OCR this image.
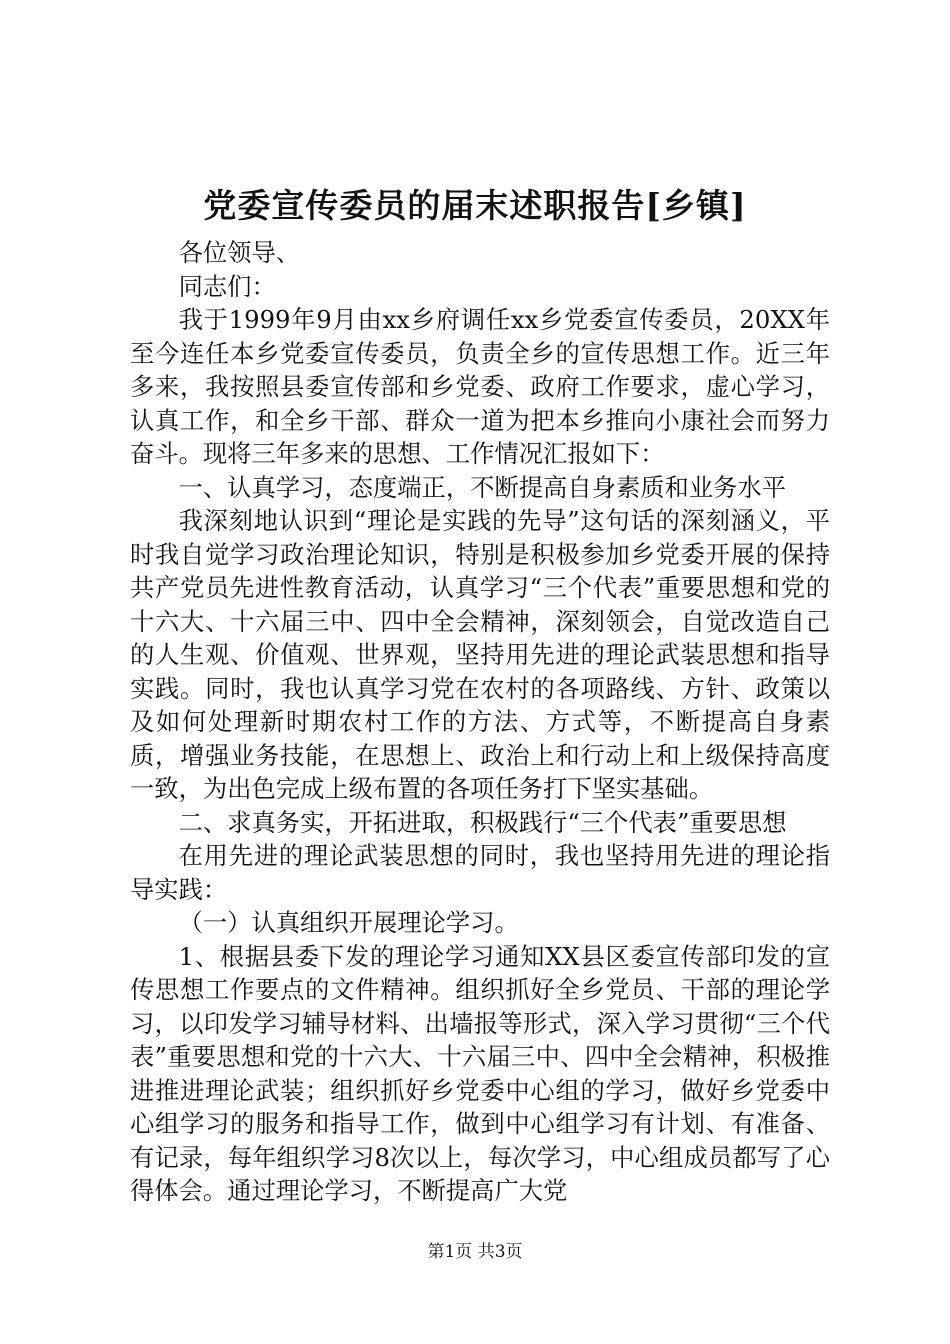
党委宣传委员的届末述职报告[乡镇]

各位领导、

同志们：

我于1999年9月由xx乡府调任xx乡党委宣传委员，20XX年至今连任本乡党委宣传委员，负责全乡的宣传思想工作。近三年多来，我按照县委宣传部和乡党委、政府工作要求，虚心学习，认真工作，和全乡干部、群众一道为把本乡推向小康社会而努力奋斗。现将三年多来的思想、工作情况汇报如下：

一、认真学习，态度端正，不断提高自身素质和业务水平

我深刻地认识到“理论是实践的先导”这句话的深刻涵义，平时我自觉学习政治理论知识，特别是积极参加乡党委开展的保持共产党员先进性教育活动，认真学习“三个代表”重要思想和党的十六大、十六届三中、四中全会精神，深刻领会，自觉改造自己的人生观、价值观、世界观，坚持用先进的理论武装思想和指导实践。同时，我也认真学习党在农村的各项路线、方针、政策以及如何处理新时期农村工作的方法、方式等，不断提高自身素质，增强业务技能，在思想上、政治上和行动上和上级保持高度一致，为出色完成上级布置的各项任务打下坚实基础。

二、求真务实，开拓进取，积极践行“三个代表”重要思想

在用先进的理论武装思想的同时，我也坚持用先进的理论指导实践：

（一）认真组织开展理论学习。

1、根据县委下发的理论学习通知XX县区委宣传部印发的宣传思想工作要点的文件精神。组织抓好全乡党员、干部的理论学习，以印发学习辅导材料、出墙报等形式，深入学习贯彻“三个代表”重要思想和党的十六大、十六届三中、四中全会精神，积极推进推进理论武装；组织抓好乡党委中心组的学习，做好乡党委中心组学习的服务和指导工作，做到中心组学习有计划、有准备、有记录，每年组织学习8次以上，每次学习，中心组成员都写了心得体会。通过理论学习，不断提高广大党

第1页 共3页
